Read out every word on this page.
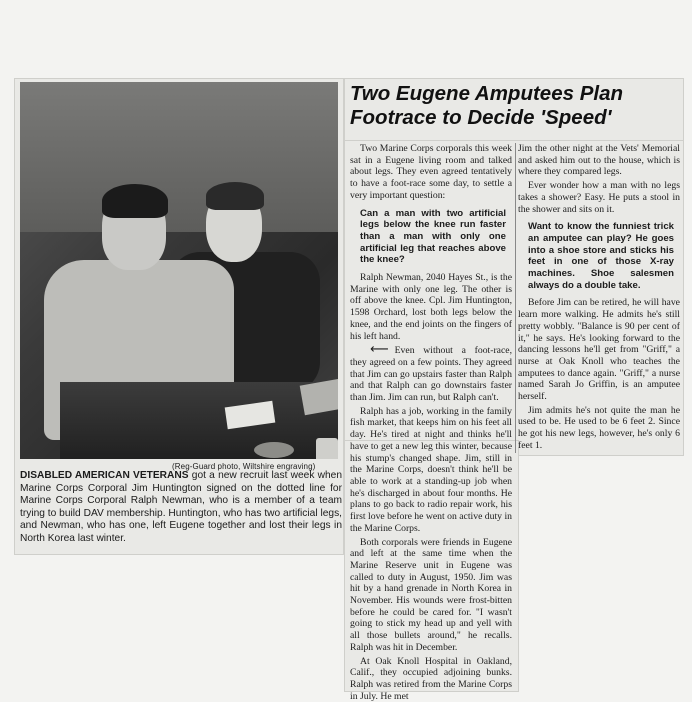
(Reg-Guard photo, Wiltshire engraving)
DISABLED AMERICAN VETERANS got a new recruit last week when Marine Corps Corporal Jim Huntington signed on the dotted line for Marine Corps Corporal Ralph Newman, who is a member of a team trying to build DAV membership. Huntington, who has two artificial legs, and Newman, who has one, left Eugene together and lost their legs in North Korea last winter.
Two Eugene Amputees Plan Footrace to Decide 'Speed'

Two Marine Corps corporals this week sat in a Eugene living room and talked about legs. They even agreed tentatively to have a foot-race some day, to settle a very important question:

Can a man with two artificial legs below the knee run faster than a man with only one artificial leg that reaches above the knee?

Ralph Newman, 2040 Hayes St., is the Marine with only one leg. The other is off above the knee. Cpl. Jim Huntington, 1598 Orchard, lost both legs below the knee, and the end joints on the fingers of his left hand.

⟵ Even without a foot-race, they agreed on a few points. They agreed that Jim can go upstairs faster than Ralph and that Ralph can go downstairs faster than Jim. Jim can run, but Ralph can't.

Ralph has a job, working in the family fish market, that keeps him on his feet all day. He's tired at night and thinks he'll have to get a new leg this winter, because his stump's changed shape. Jim, still in the Marine Corps, doesn't think he'll be able to work at a standing-up job when he's discharged in about four months. He plans to go back to radio repair work, his first love before he went on active duty in the Marine Corps.

Both corporals were friends in Eugene and left at the same time when the Marine Reserve unit in Eugene was called to duty in August, 1950. Jim was hit by a hand grenade in North Korea in November. His wounds were frost-bitten before he could be cared for. "I wasn't going to stick my head up and yell with all those bullets around," he recalls. Ralph was hit in December.

At Oak Knoll Hospital in Oakland, Calif., they occupied adjoining bunks. Ralph was retired from the Marine Corps in July. He met

Jim the other night at the Vets' Memorial and asked him out to the house, which is where they compared legs.

Ever wonder how a man with no legs takes a shower? Easy. He puts a stool in the shower and sits on it.

Want to know the funniest trick an amputee can play? He goes into a shoe store and sticks his feet in one of those X-ray machines. Shoe salesmen always do a double take.

Before Jim can be retired, he will have learn more walking. He admits he's still pretty wobbly. "Balance is 90 per cent of it," he says. He's looking forward to the dancing lessons he'll get from "Griff," a nurse at Oak Knoll who teaches the amputees to dance again. "Griff," a nurse named Sarah Jo Griffin, is an amputee herself.

Jim admits he's not quite the man he used to be. He used to be 6 feet 2. Since he got his new legs, however, he's only 6 feet 1.
